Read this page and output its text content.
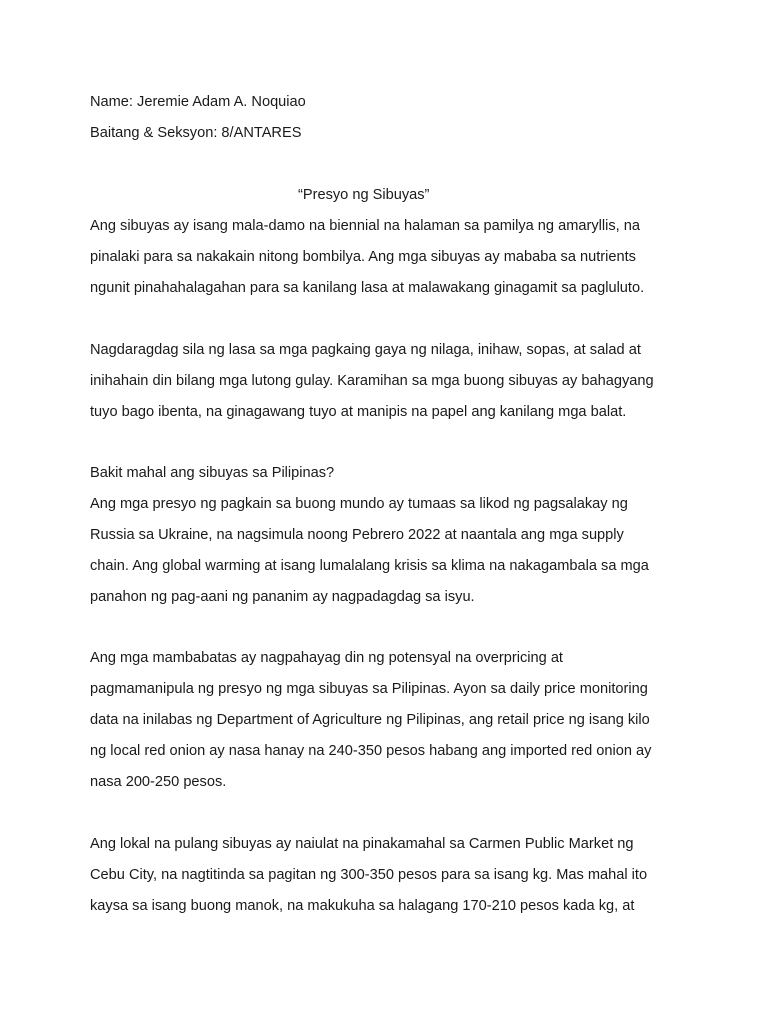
Name: Jeremie Adam A. Noquiao
Baitang & Seksyon: 8/ANTARES
“Presyo ng Sibuyas”
Ang sibuyas ay isang mala-damo na biennial na halaman sa pamilya ng amaryllis, na
pinalaki para sa nakakain nitong bombilya. Ang mga sibuyas ay mababa sa nutrients
ngunit pinahahalagahan para sa kanilang lasa at malawakang ginagamit sa pagluluto.
Nagdaragdag sila ng lasa sa mga pagkaing gaya ng nilaga, inihaw, sopas, at salad at
inihahain din bilang mga lutong gulay. Karamihan sa mga buong sibuyas ay bahagyang
tuyo bago ibenta, na ginagawang tuyo at manipis na papel ang kanilang mga balat.
Bakit mahal ang sibuyas sa Pilipinas?
Ang mga presyo ng pagkain sa buong mundo ay tumaas sa likod ng pagsalakay ng
Russia sa Ukraine, na nagsimula noong Pebrero 2022 at naantala ang mga supply
chain. Ang global warming at isang lumalalang krisis sa klima na nakagambala sa mga
panahon ng pag-aani ng pananim ay nagpadagdag sa isyu.
Ang mga mambabatas ay nagpahayag din ng potensyal na overpricing at
pagmamanipula ng presyo ng mga sibuyas sa Pilipinas. Ayon sa daily price monitoring
data na inilabas ng Department of Agriculture ng Pilipinas, ang retail price ng isang kilo
ng local red onion ay nasa hanay na 240-350 pesos habang ang imported red onion ay
nasa 200-250 pesos.
Ang lokal na pulang sibuyas ay naiulat na pinakamahal sa Carmen Public Market ng
Cebu City, na nagtitinda sa pagitan ng 300-350 pesos para sa isang kg. Mas mahal ito
kaysa sa isang buong manok, na makukuha sa halagang 170-210 pesos kada kg, at
